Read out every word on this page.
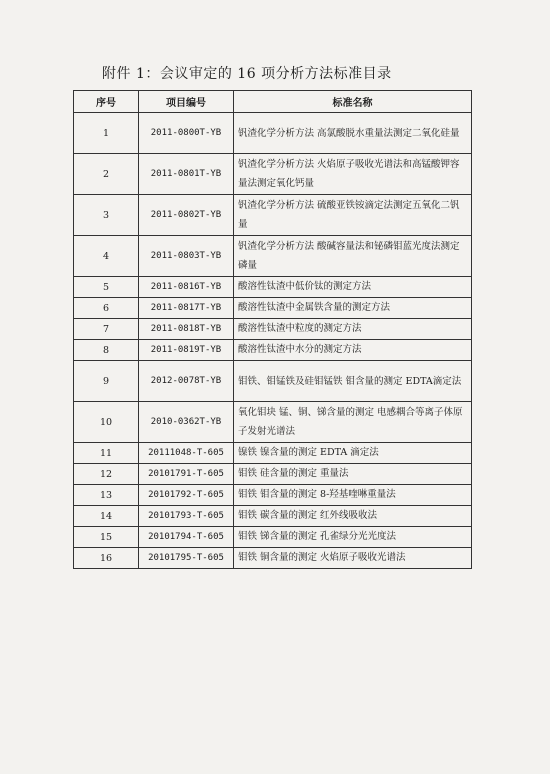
附件 1：会议审定的 16 项分析方法标准目录
序号	项目编号	标准名称
1	2011-0800T-YB	钒渣化学分析方法 高氯酸脱水重量法测定二氧化硅量
2	2011-0801T-YB	钒渣化学分析方法 火焰原子吸收光谱法和高锰酸钾容量法测定氧化钙量
3	2011-0802T-YB	钒渣化学分析方法 硫酸亚铁铵滴定法测定五氧化二钒量
4	2011-0803T-YB	钒渣化学分析方法 酸碱容量法和铋磷钼蓝光度法测定磷量
5	2011-0816T-YB	酸溶性钛渣中低价钛的测定方法
6	2011-0817T-YB	酸溶性钛渣中金属铁含量的测定方法
7	2011-0818T-YB	酸溶性钛渣中粒度的测定方法
8	2011-0819T-YB	酸溶性钛渣中水分的测定方法
9	2012-0078T-YB	钼铁、钼锰铁及硅钼锰铁 钼含量的测定 EDTA滴定法
10	2010-0362T-YB	氧化钼块 锰、铜、锑含量的测定 电感耦合等离子体原子发射光谱法
11	20111048-T-605	镍铁 镍含量的测定 EDTA 滴定法
12	20101791-T-605	钼铁 硅含量的测定 重量法
13	20101792-T-605	钼铁 钼含量的测定 8-羟基喹啉重量法
14	20101793-T-605	钼铁 碳含量的测定 红外线吸收法
15	20101794-T-605	钼铁 锑含量的测定 孔雀绿分光光度法
16	20101795-T-605	钼铁 铜含量的测定 火焰原子吸收光谱法
